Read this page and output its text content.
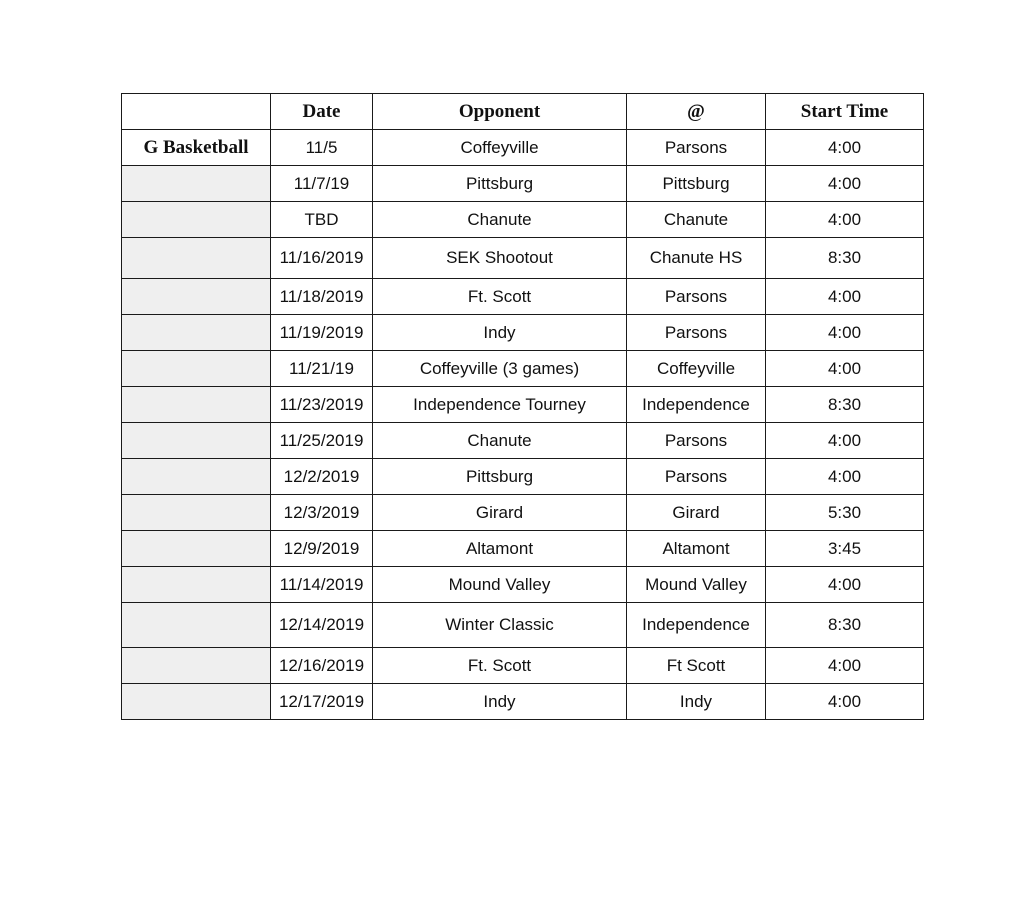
	Date	Opponent	@	Start Time
G Basketball	11/5	Coffeyville	Parsons	4:00
	11/7/19	Pittsburg	Pittsburg	4:00
	TBD	Chanute	Chanute	4:00
	11/16/2019	SEK Shootout	Chanute HS	8:30
	11/18/2019	Ft. Scott	Parsons	4:00
	11/19/2019	Indy	Parsons	4:00
	11/21/19	Coffeyville (3 games)	Coffeyville	4:00
	11/23/2019	Independence Tourney	Independence	8:30
	11/25/2019	Chanute	Parsons	4:00
	12/2/2019	Pittsburg	Parsons	4:00
	12/3/2019	Girard	Girard	5:30
	12/9/2019	Altamont	Altamont	3:45
	11/14/2019	Mound Valley	Mound Valley	4:00
	12/14/2019	Winter Classic	Independence	8:30
	12/16/2019	Ft. Scott	Ft Scott	4:00
	12/17/2019	Indy	Indy	4:00
